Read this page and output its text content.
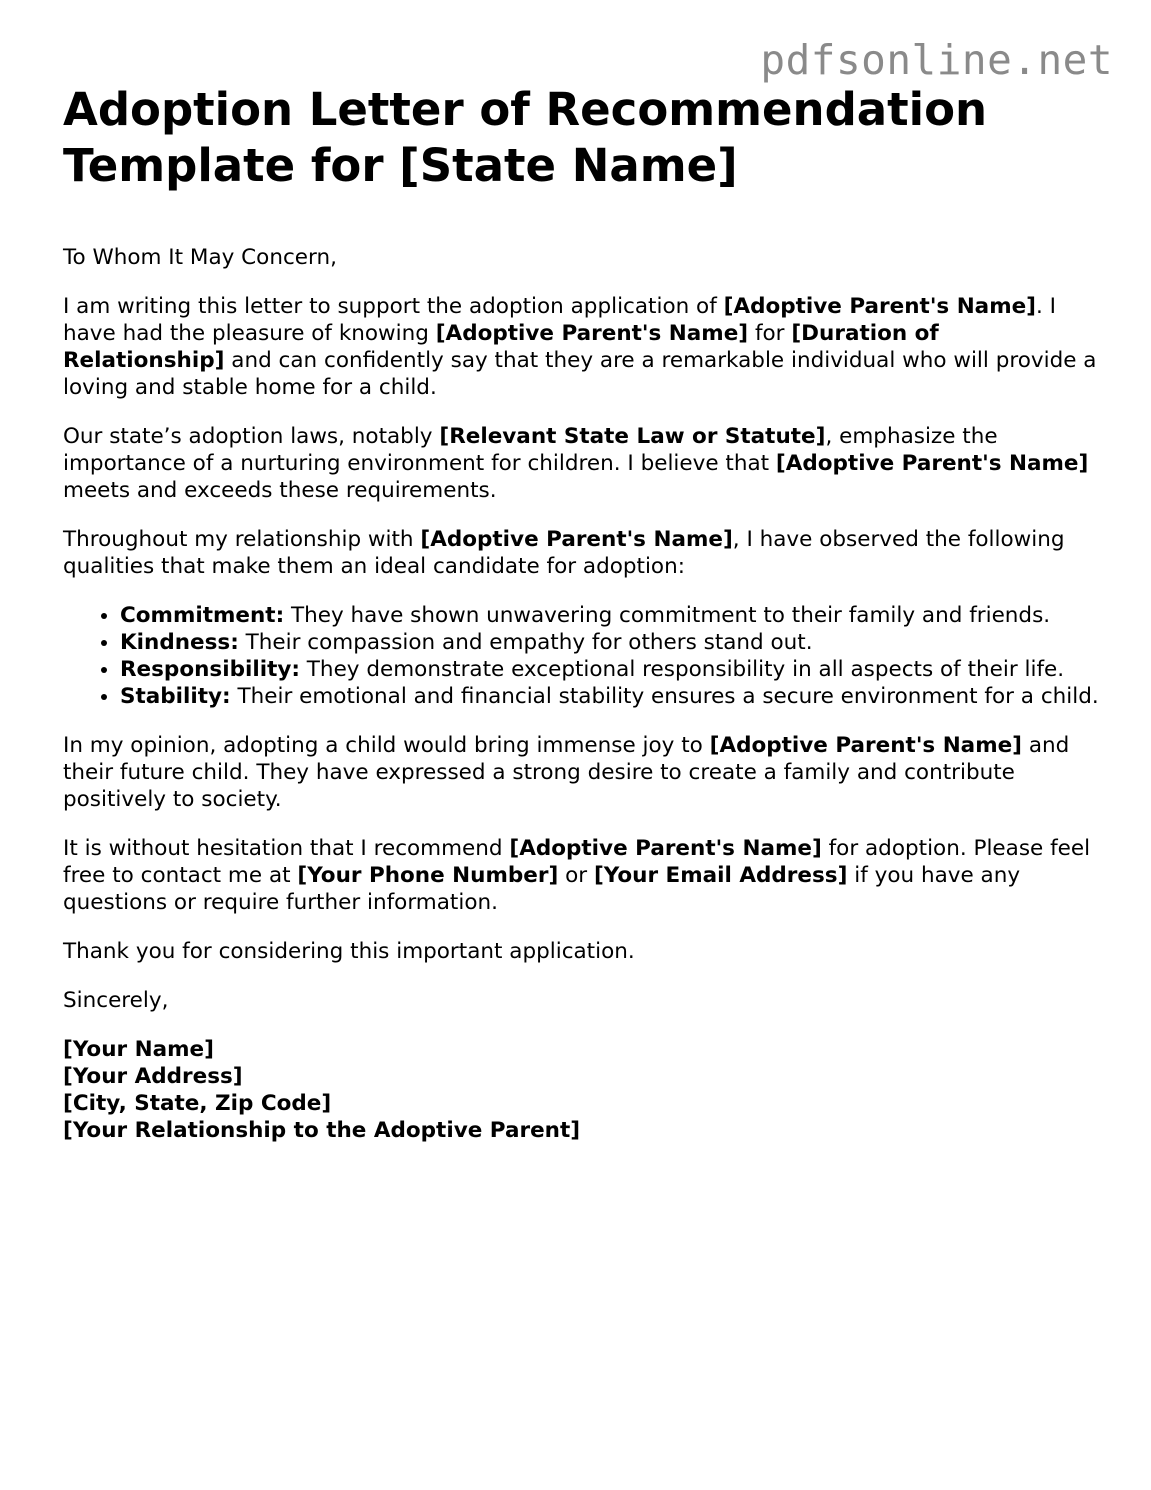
pdfsonline.net
Adoption Letter of Recommendation Template for [State Name]

To Whom It May Concern,

I am writing this letter to support the adoption application of [Adoptive Parent's Name]. I have had the pleasure of knowing [Adoptive Parent's Name] for [Duration of Relationship] and can confidently say that they are a remarkable individual who will provide a loving and stable home for a child.

Our state’s adoption laws, notably [Relevant State Law or Statute], emphasize the importance of a nurturing environment for children. I believe that [Adoptive Parent's Name] meets and exceeds these requirements.

Throughout my relationship with [Adoptive Parent's Name], I have observed the following qualities that make them an ideal candidate for adoption:

• Commitment: They have shown unwavering commitment to their family and friends.
• Kindness: Their compassion and empathy for others stand out.
• Responsibility: They demonstrate exceptional responsibility in all aspects of their life.
• Stability: Their emotional and financial stability ensures a secure environment for a child.

In my opinion, adopting a child would bring immense joy to [Adoptive Parent's Name] and their future child. They have expressed a strong desire to create a family and contribute positively to society.

It is without hesitation that I recommend [Adoptive Parent's Name] for adoption. Please feel free to contact me at [Your Phone Number] or [Your Email Address] if you have any questions or require further information.

Thank you for considering this important application.

Sincerely,

[Your Name]

[Your Address]

[City, State, Zip Code]

[Your Relationship to the Adoptive Parent]
